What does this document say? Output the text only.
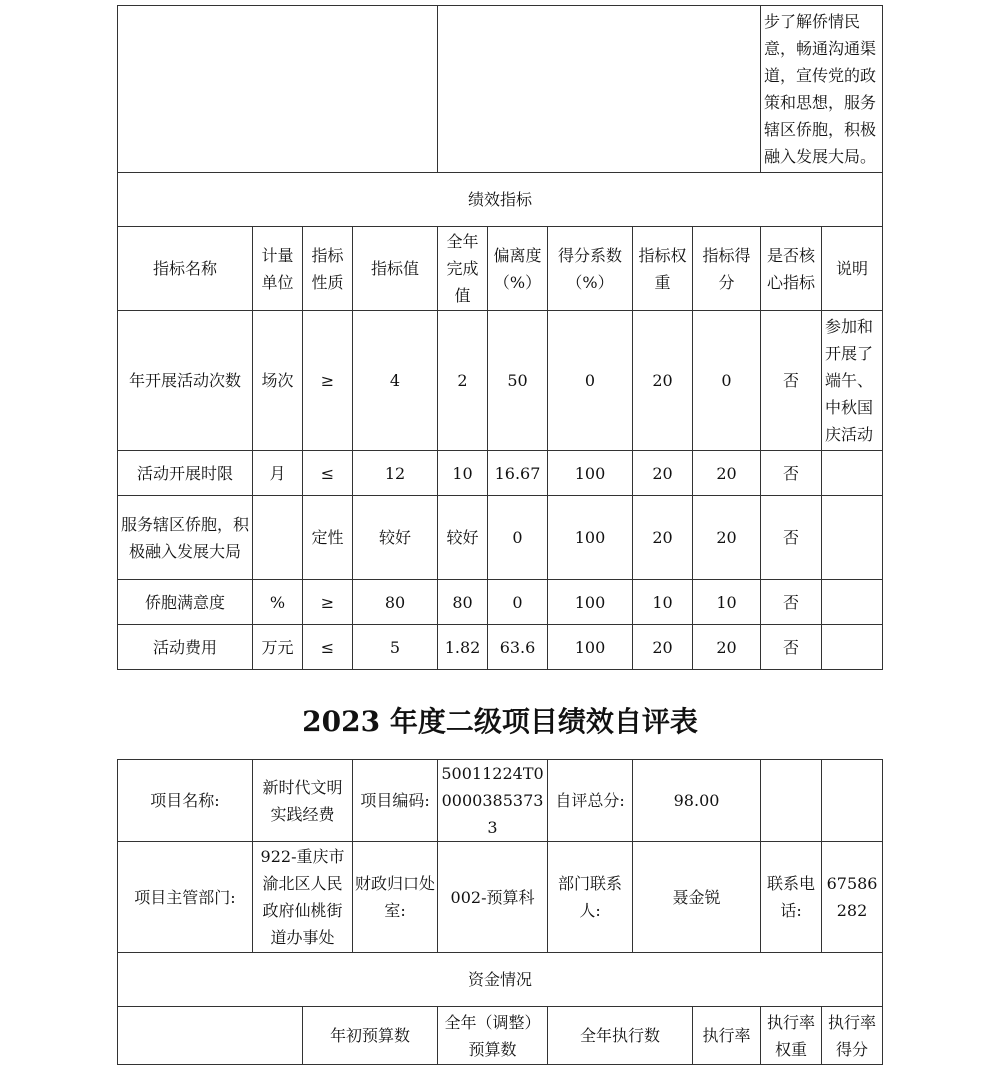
									步了解侨情民意，畅通沟通渠道，宣传党的政策和思想，服务辖区侨胞，积极融入发展大局。	
绩效指标										
指标名称	计量单位	指标性质	指标值	全年完成值	偏离度（%）	得分系数（%）	指标权重	指标得分	是否核心指标	说明
年开展活动次数	场次	≥	4	2	50	0	20	0	否	参加和开展了端午、中秋国庆活动
活动开展时限	月	≤	12	10	16.67	100	20	20	否	
服务辖区侨胞，积极融入发展大局		定性	较好	较好	0	100	20	20	否	
侨胞满意度	%	≥	80	80	0	100	10	10	否	
活动费用	万元	≤	5	1.82	63.6	100	20	20	否	
2023 年度二级项目绩效自评表
项目名称:	新时代文明实践经费		项目编码:	50011224T000003853733	自评总分:	98.00			
项目主管部门:	922-重庆市渝北区人民政府仙桃街道办事处		财政归口处室:	002-预算科	部门联系人:	聂金锐		联系电话:	67586282
资金情况									
		年初预算数		全年（调整）预算数	全年执行数		执行率	执行率权重	执行率得分
